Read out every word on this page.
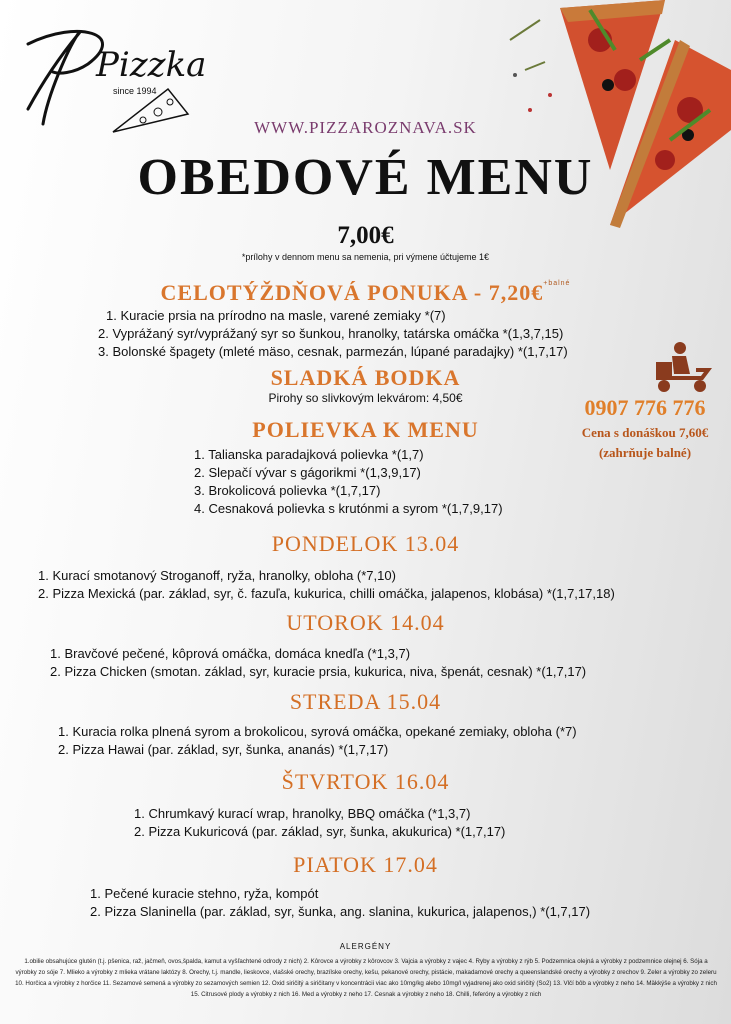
Pizzka
since 1994
WWW.PIZZAROZNAVA.SK
OBEDOVÉ MENU
7,00€
*prílohy v dennom menu sa nemenia, pri výmene účtujeme 1€
CELOTÝŽDŇOVÁ PONUKA - 7,20€$^{+balné}$
1. Kuracie prsia na prírodno na masle, varené zemiaky *(7)
2. Vyprážaný syr/vyprážaný syr so šunkou, hranolky, tatárska omáčka *(1,3,7,15)
3. Bolonské špagety (mleté mäso, cesnak, parmezán, lúpané paradajky) *(1,7,17)
SLADKÁ BODKA
Pirohy so slivkovým lekvárom: 4,50€
POLIEVKA K MENU
1. Talianska paradajková polievka *(1,7)
2. Slepačí vývar s gágorikmi *(1,3,9,17)
3. Brokolicová polievka *(1,7,17)
4. Cesnaková polievka s krutónmi a syrom *(1,7,9,17)
0907 776 776
Cena s donáškou 7,60€
(zahrňuje balné)
PONDELOK 13.04
1. Kurací smotanový Stroganoff, ryža, hranolky, obloha (*7,10)
2. Pizza Mexická (par. základ, syr, č. fazuľa, kukurica, chilli omáčka, jalapenos, klobása) *(1,7,17,18)
UTOROK 14.04
1. Bravčové pečené, kôprová omáčka, domáca knedľa (*1,3,7)
2. Pizza Chicken (smotan. základ, syr, kuracie prsia, kukurica, niva, špenát, cesnak) *(1,7,17)
STREDA 15.04
1. Kuracia rolka plnená syrom a brokolicou, syrová omáčka, opekané zemiaky, obloha (*7)
2. Pizza Hawai (par. základ, syr, šunka, ananás) *(1,7,17)
ŠTVRTOK 16.04
1. Chrumkavý kurací wrap, hranolky, BBQ omáčka (*1,3,7)
2. Pizza Kukuricová (par. základ, syr, šunka, akukurica) *(1,7,17)
PIATOK 17.04
1. Pečené kuracie stehno, ryža, kompót
2. Pizza Slaninella (par. základ, syr, šunka, ang. slanina, kukurica, jalapenos,) *(1,7,17)
ALERGÉNY
1.obilie obsahujúce glutén (t.j. pšenica, raž, jačmeň, ovos,špalda, kamut a vyšľachtené odrody z nich) 2. Kôrovce a výrobky z kôrovcov 3. Vajcia a výrobky z vajec 4. Ryby a výrobky z rýb 5. Podzemnica olejná a výrobky z podzemnice olejnej 6. Sója a výrobky zo sóje 7. Mlieko a výrobky z mlieka vrátane laktózy 8. Orechy, t.j. mandle, lieskovce, vlašské orechy, brazílske orechy, kešu, pekanové orechy, pistácie, makadamové orechy a queenslandské orechy a výrobky z orechov 9. Zeler a výrobky zo zeleru 10. Horčica a výrobky z horčice 11. Sezamové semená a výrobky zo sezamových semien 12. Oxid siričitý a siričitany v koncentrácii viac ako 10mg/kg alebo 10mg/l vyjadrenej ako oxid siričitý (So2) 13. Vlčí bôb a výrobky z neho 14. Mäkkýše a výrobky z nich 15. Citrusové plody a výrobky z nich 16. Med a výrobky z neho 17. Cesnak a výrobky z neho 18. Chilli, feferóny a výrobky z nich
